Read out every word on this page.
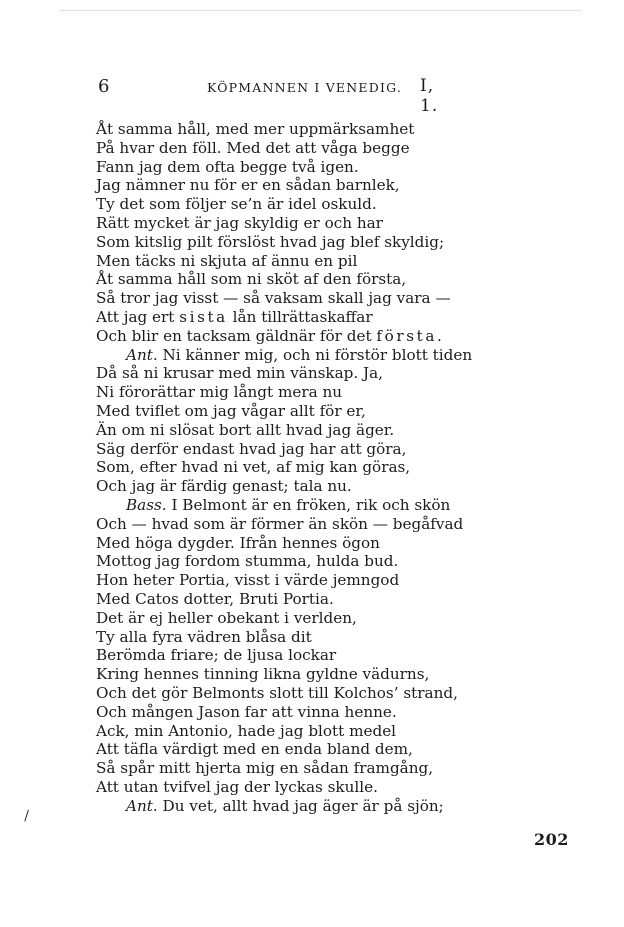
6	KÖPMANNEN I VENEDIG. I, 1.
Åt samma håll, med mer uppmärksamhet
På hvar den föll. Med det att våga begge
Fann jag dem ofta begge två igen.
Jag nämner nu för er en sådan barnlek,
Ty det som följer se’n är idel oskuld.
Rätt mycket är jag skyldig er och har
Som kitslig pilt förslöst hvad jag blef skyldig;
Men täcks ni skjuta af ännu en pil
Åt samma håll som ni sköt af den första,
Så tror jag visst — så vaksam skall jag vara —
Att jag ert sista lån tillrättaskaffar
Och blir en tacksam gäldnär för det första.
Ant. Ni känner mig, och ni förstör blott tiden
Då så ni krusar med min vänskap. Ja,
Ni förorättar mig långt mera nu
Med tviflet om jag vågar allt för er,
Än om ni slösat bort allt hvad jag äger.
Säg derför endast hvad jag har att göra,
Som, efter hvad ni vet, af mig kan göras,
Och jag är färdig genast; tala nu.
Bass. I Belmont är en fröken, rik och skön
Och — hvad som är förmer än skön — begåfvad
Med höga dygder. Ifrån hennes ögon
Mottog jag fordom stumma, hulda bud.
Hon heter Portia, visst i värde jemngod
Med Catos dotter, Bruti Portia.
Det är ej heller obekant i verlden,
Ty alla fyra vädren blåsa dit
Berömda friare; de ljusa lockar
Kring hennes tinning likna gyldne vädurns,
Och det gör Belmonts slott till Kolchos’ strand,
Och mången Jason far att vinna henne.
Ack, min Antonio, hade jag blott medel
Att täfla värdigt med en enda bland dem,
Så spår mitt hjerta mig en sådan framgång,
Att utan tvifvel jag der lyckas skulle.
Ant. Du vet, allt hvad jag äger är på sjön;
\
202
